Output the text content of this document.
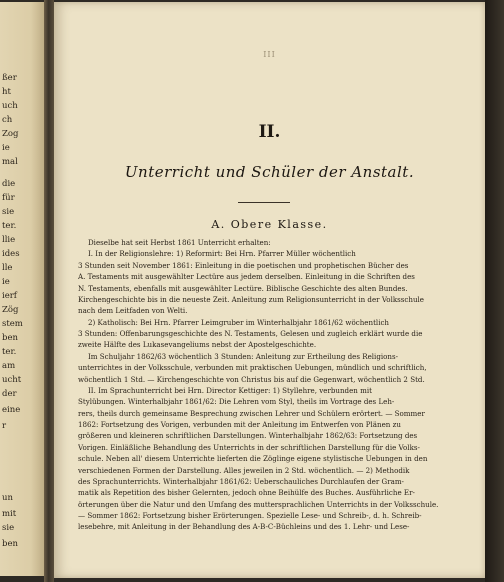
ßer
ht
uch
ch
Zog
ie
mal
die
für
sie
ter.
llie
ides
lle
ie
ierf
Zög
stem
ben
ter.
am
ucht
der
eine
r
un
mit
sie
ben
III
II.
Unterricht und Schüler der Anstalt.
A. Obere Klasse.
Dieselbe hat seit Herbst 1861 Unterricht erhalten:
I. In der Religionslehre: 1) Reformirt: Bei Hrn. Pfarrer Müller wöchentlich
3 Stunden seit November 1861: Einleitung in die poetischen und prophetischen Bücher des
A. Testaments mit ausgewählter Lectüre aus jedem derselben. Einleitung in die Schriften des
N. Testaments, ebenfalls mit ausgewählter Lectüre. Biblische Geschichte des alten Bundes.
Kirchengeschichte bis in die neueste Zeit. Anleitung zum Religionsunterricht in der Volksschule
nach dem Leitfaden von Welti.
2) Katholisch: Bei Hrn. Pfarrer Leimgruber im Winterhalbjahr 1861/62 wöchentlich
3 Stunden: Offenbarungsgeschichte des N. Testaments, Gelesen und zugleich erklärt wurde die
zweite Hälfte des Lukasevangeliums nebst der Apostelgeschichte.
Im Schuljahr 1862/63 wöchentlich 3 Stunden: Anleitung zur Ertheilung des Religions-
unterrichtes in der Volksschule, verbunden mit praktischen Uebungen, mündlich und schriftlich,
wöchentlich 1 Std. — Kirchengeschichte von Christus bis auf die Gegenwart, wöchentlich 2 Std.
II. Im Sprachunterricht bei Hrn. Director Kettiger: 1) Styllehre, verbunden mit
Stylübungen. Winterhalbjahr 1861/62: Die Lehren vom Styl, theils im Vortrage des Leh-
rers, theils durch gemeinsame Besprechung zwischen Lehrer und Schülern erörtert. — Sommer
1862: Fortsetzung des Vorigen, verbunden mit der Anleitung im Entwerfen von Plänen zu
größeren und kleineren schriftlichen Darstellungen. Winterhalbjahr 1862/63: Fortsetzung des
Vorigen. Einläßliche Behandlung des Unterrichts in der schriftlichen Darstellung für die Volks-
schule. Neben all' diesem Unterrichte lieferten die Zöglinge eigene stylistische Uebungen in den
verschiedenen Formen der Darstellung. Alles jeweilen in 2 Std. wöchentlich. — 2) Methodik
des Sprachunterrichts. Winterhalbjahr 1861/62: Ueberschauliches Durchlaufen der Gram-
matik als Repetition des bisher Gelernten, jedoch ohne Beihülfe des Buches. Ausführliche Er-
örterungen über die Natur und den Umfang des muttersprachlichen Unterrichts in der Volksschule.
— Sommer 1862: Fortsetzung bisher Erörterungen. Spezielle Lese- und Schreib-, d. h. Schreib-
lesebehre, mit Anleitung in der Behandlung des A-B-C-Büchleins und des 1. Lehr- und Lese-
